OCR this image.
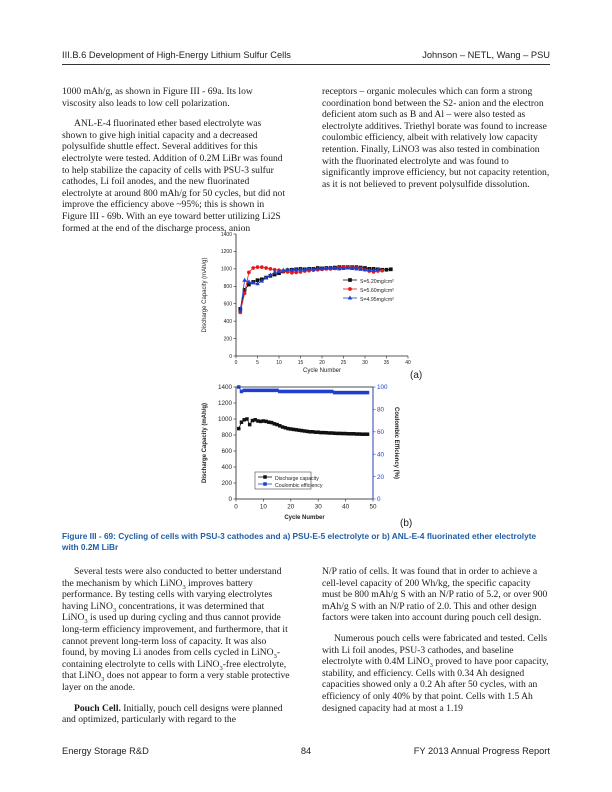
III.B.6 Development of High-Energy Lithium Sulfur Cells	Johnson – NETL, Wang – PSU

1000 mAh/g, as shown in Figure III - 69a. Its low viscosity also leads to low cell polarization.

ANL-E-4 fluorinated ether based electrolyte was shown to give high initial capacity and a decreased polysulfide shuttle effect. Several additives for this electrolyte were tested. Addition of 0.2M LiBr was found to help stabilize the capacity of cells with PSU-3 sulfur cathodes, Li foil anodes, and the new fluorinated electrolyte at around 800 mAh/g for 50 cycles, but did not improve the efficiency above ~95%; this is shown in Figure III - 69b. With an eye toward better utilizing Li2S formed at the end of the discharge process, anion

receptors – organic molecules which can form a strong coordination bond between the S2- anion and the electron deficient atom such as B and Al – were also tested as electrolyte additives. Triethyl borate was found to increase coulombic efficiency, albeit with relatively low capacity retention. Finally, LiNO3 was also tested in combination with the fluorinated electrolyte and was found to significantly improve efficiency, but not capacity retention, as it is not believed to prevent polysulfide dissolution.

0	5	10	15	20	25	30	35	40
0
200
400
600
800
1000
1200
1400
Cycle Number
Discharge Capacity (mAh/g)	S=5.20mg/cm²
S=5.60mg/cm²
S=4.95mg/cm²
(a)
0	10	20	30	40	50
0
200
400
600
800
1000
1200
1400
0
20
40
60
80
100
Coulombic Efficiency (%)
Cycle Number
Discharge Capacity (mAh/g)	Discharge capacity
Coulombic efficiency
(b)
Figure III - 69: Cycling of cells with PSU-3 cathodes and a) PSU-E-5 electrolyte or b) ANL-E-4 fluorinated ether electrolyte with 0.2M LiBr

Several tests were also conducted to better understand the mechanism by which LiNO$_3$ improves battery performance. By testing cells with varying electrolytes having LiNO$_3$ concentrations, it was determined that LiNO$_3$ is used up during cycling and thus cannot provide long-term efficiency improvement, and furthermore, that it cannot prevent long-term loss of capacity. It was also found, by moving Li anodes from cells cycled in LiNO$_3$-containing electrolyte to cells with LiNO$_3$-free electrolyte, that LiNO$_3$ does not appear to form a very stable protective layer on the anode.

Pouch Cell. Initially, pouch cell designs were planned and optimized, particularly with regard to the

N/P ratio of cells. It was found that in order to achieve a cell-level capacity of 200 Wh/kg, the specific capacity must be 800 mAh/g S with an N/P ratio of 5.2, or over 900 mAh/g S with an N/P ratio of 2.0. This and other design factors were taken into account during pouch cell design.

Numerous pouch cells were fabricated and tested. Cells with Li foil anodes, PSU-3 cathodes, and baseline electrolyte with 0.4M LiNO$_3$ proved to have poor capacity, stability, and efficiency. Cells with 0.34 Ah designed capacities showed only a 0.2 Ah after 50 cycles, with an efficiency of only 40% by that point. Cells with 1.5 Ah designed capacity had at most a 1.19

Energy Storage R&D	84	FY 2013 Annual Progress Report
